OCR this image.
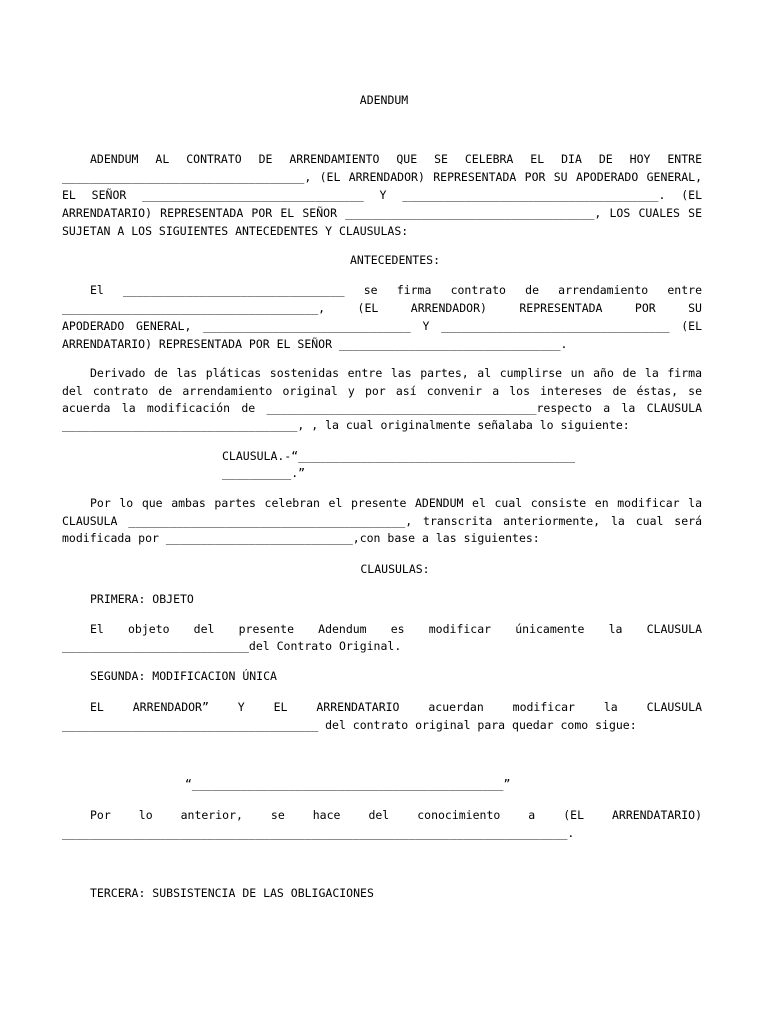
ADENDUM

ADENDUM AL CONTRATO DE ARRENDAMIENTO QUE SE CELEBRA EL DIA DE HOY ENTRE

___________________________________, (EL ARRENDADOR) REPRESENTADA POR SU APODERADO GENERAL,

EL SEÑOR ________________________________ Y _____________________________________. (EL

ARRENDATARIO) REPRESENTADA POR EL SEÑOR ____________________________________, LOS CUALES SE

SUJETAN A LOS SIGUIENTES ANTECEDENTES Y CLAUSULAS:

ANTECEDENTES:

El ________________________________ se firma contrato de arrendamiento entre

_____________________________________, (EL ARRENDADOR) REPRESENTADA POR SU

APODERADO GENERAL, ______________________________ Y _________________________________ (EL

ARRENDATARIO) REPRESENTADA POR EL SEÑOR ________________________________.

Derivado de las pláticas sostenidas entre las partes, al cumplirse un año de la firma

del contrato de arrendamiento original y por así convenir a los intereses de éstas, se

acuerda la modificación de _______________________________________respecto a la CLAUSULA

__________________________________, , la cual originalmente señalaba lo siguiente:

CLAUSULA.-“________________________________________

__________.”

Por lo que ambas partes celebran el presente ADENDUM el cual consiste en modificar la

CLAUSULA ________________________________________, transcrita anteriormente, la cual será

modificada por ___________________________,con base a las siguientes:

CLAUSULAS:

PRIMERA: OBJETO

El objeto del presente Adendum es modificar únicamente la CLAUSULA

___________________________del Contrato Original.

SEGUNDA: MODIFICACION ÚNICA

EL ARRENDADOR” Y EL ARRENDATARIO acuerdan modificar la CLAUSULA

_____________________________________ del contrato original para quedar como sigue:

“_____________________________________________”

Por lo anterior, se hace del conocimiento a (EL ARRENDATARIO)

_________________________________________________________________________.

TERCERA: SUBSISTENCIA DE LAS OBLIGACIONES
